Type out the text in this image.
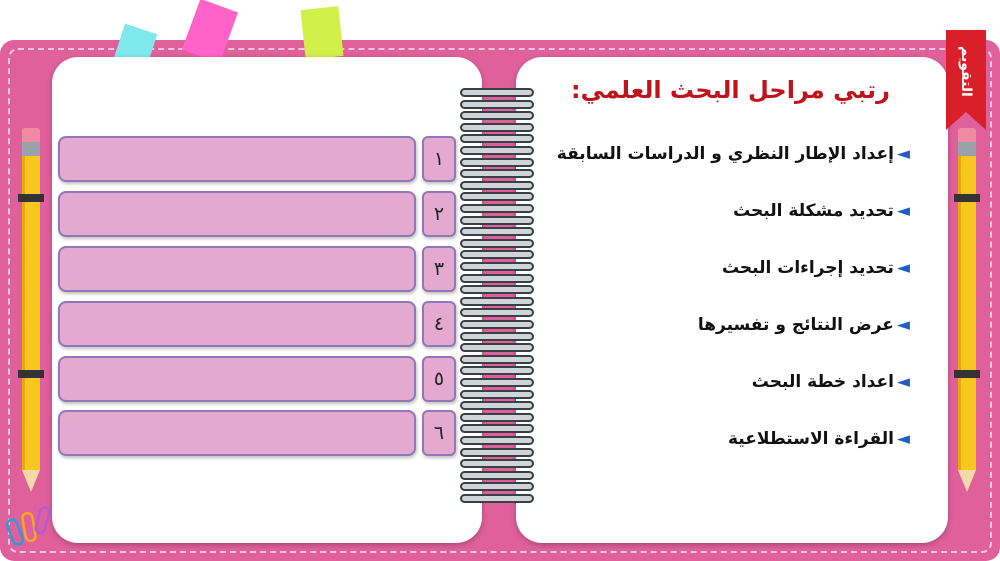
١
٢
٣
٤
٥
٦
رتبي مراحل البحث العلمي:
◄
إعداد الإطار النظري و الدراسات السابقة
◄
تحديد مشكلة البحث
◄
تحديد إجراءات البحث
◄
عرض النتائج و تفسيرها
◄
اعداد خطة البحث
◄
القراءة الاستطلاعية
التقويم
